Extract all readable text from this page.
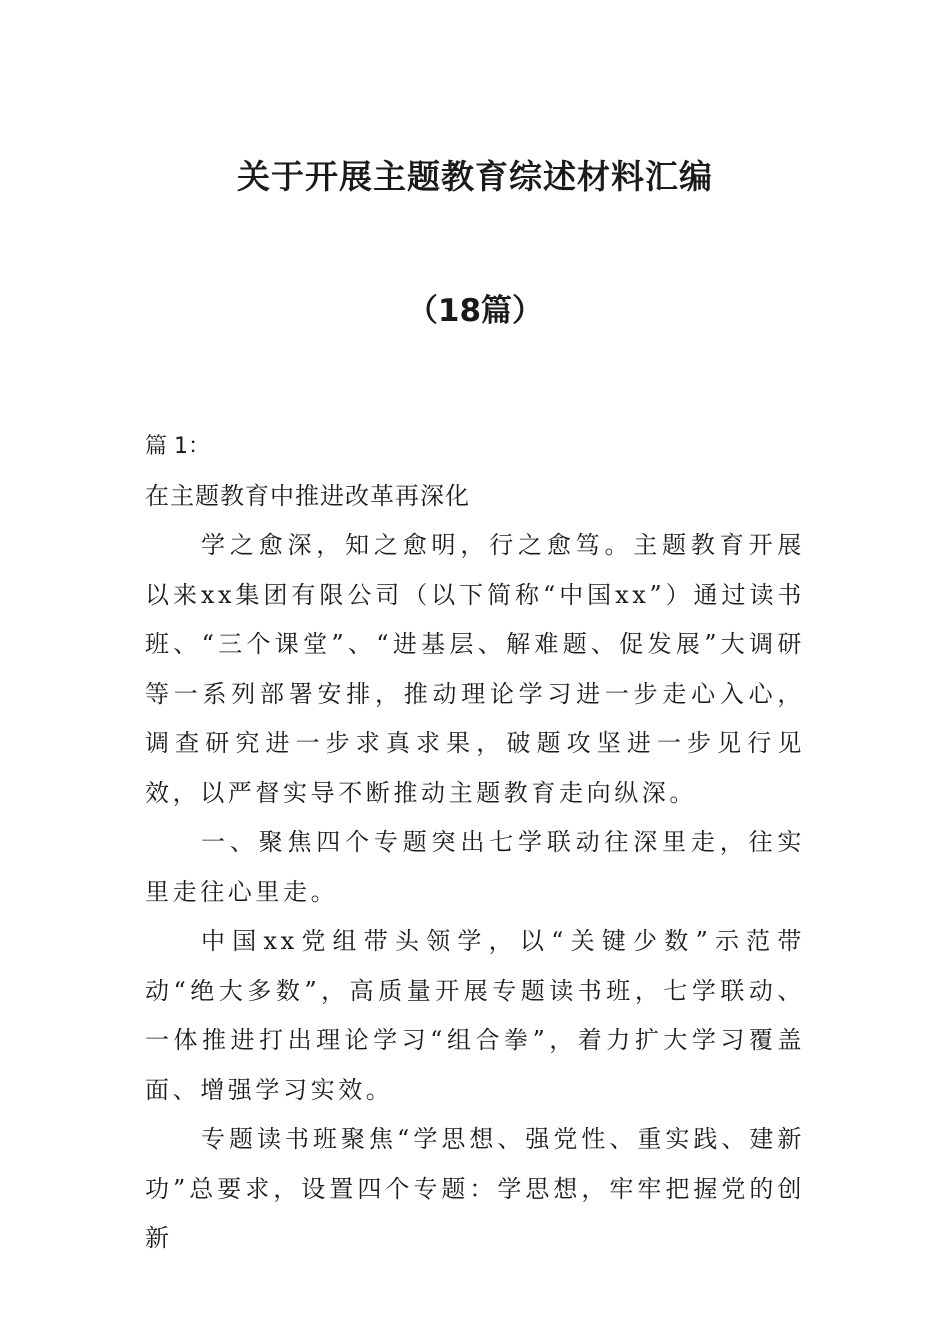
关于开展主题教育综述材料汇编
（18篇）

篇 1：

在主题教育中推进改革再深化

学之愈深，知之愈明，行之愈笃。主题教育开展以来xx集团有限公司（以下简称“中国xx”）通过读书班、“三个课堂”、“进基层、解难题、促发展”大调研等一系列部署安排，推动理论学习进一步走心入心，调查研究进一步求真求果，破题攻坚进一步见行见效，以严督实导不断推动主题教育走向纵深。

一、聚焦四个专题突出七学联动往深里走，往实里走往心里走。

中国xx党组带头领学，以“关键少数”示范带动“绝大多数”，高质量开展专题读书班，七学联动、一体推进打出理论学习“组合拳”，着力扩大学习覆盖面、增强学习实效。

专题读书班聚焦“学思想、强党性、重实践、建新功”总要求，设置四个专题：学思想，牢牢把握党的创新
